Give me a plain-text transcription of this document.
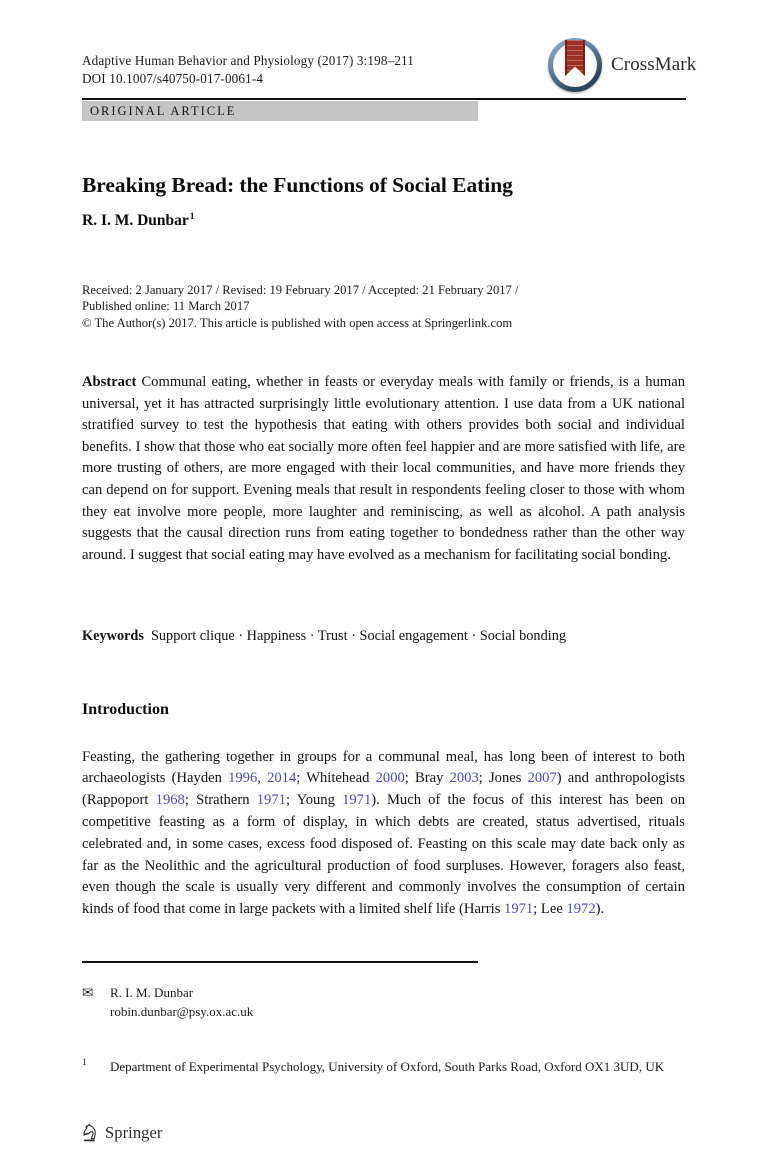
Adaptive Human Behavior and Physiology (2017) 3:198–211
DOI 10.1007/s40750-017-0061-4
CrossMark
ORIGINAL ARTICLE
Breaking Bread: the Functions of Social Eating
R. I. M. Dunbar$^1$
Received: 2 January 2017 / Revised: 19 February 2017 / Accepted: 21 February 2017 /
Published online: 11 March 2017
© The Author(s) 2017. This article is published with open access at Springerlink.com
Abstract Communal eating, whether in feasts or everyday meals with family or friends, is a human universal, yet it has attracted surprisingly little evolutionary attention. I use data from a UK national stratified survey to test the hypothesis that eating with others provides both social and individual benefits. I show that those who eat socially more often feel happier and are more satisfied with life, are more trusting of others, are more engaged with their local communities, and have more friends they can depend on for support. Evening meals that result in respondents feeling closer to those with whom they eat involve more people, more laughter and reminiscing, as well as alcohol. A path analysis suggests that the causal direction runs from eating together to bondedness rather than the other way around. I suggest that social eating may have evolved as a mechanism for facilitating social bonding.
Keywords Support clique · Happiness · Trust · Social engagement · Social bonding
Introduction

Feasting, the gathering together in groups for a communal meal, has long been of interest to both archaeologists (Hayden 1996, 2014; Whitehead 2000; Bray 2003; Jones 2007) and anthropologists (Rappoport 1968; Strathern 1971; Young 1971). Much of the focus of this interest has been on competitive feasting as a form of display, in which debts are created, status advertised, rituals celebrated and, in some cases, excess food disposed of. Feasting on this scale may date back only as far as the Neolithic and the agricultural production of food surpluses. However, foragers also feast, even though the scale is usually very different and commonly involves the consumption of certain kinds of food that come in large packets with a limited shelf life (Harris 1971; Lee 1972).

✉ R. I. M. Dunbar
robin.dunbar@psy.ox.ac.uk
1 Department of Experimental Psychology, University of Oxford, South Parks Road, Oxford OX1 3UD, UK
Springer
